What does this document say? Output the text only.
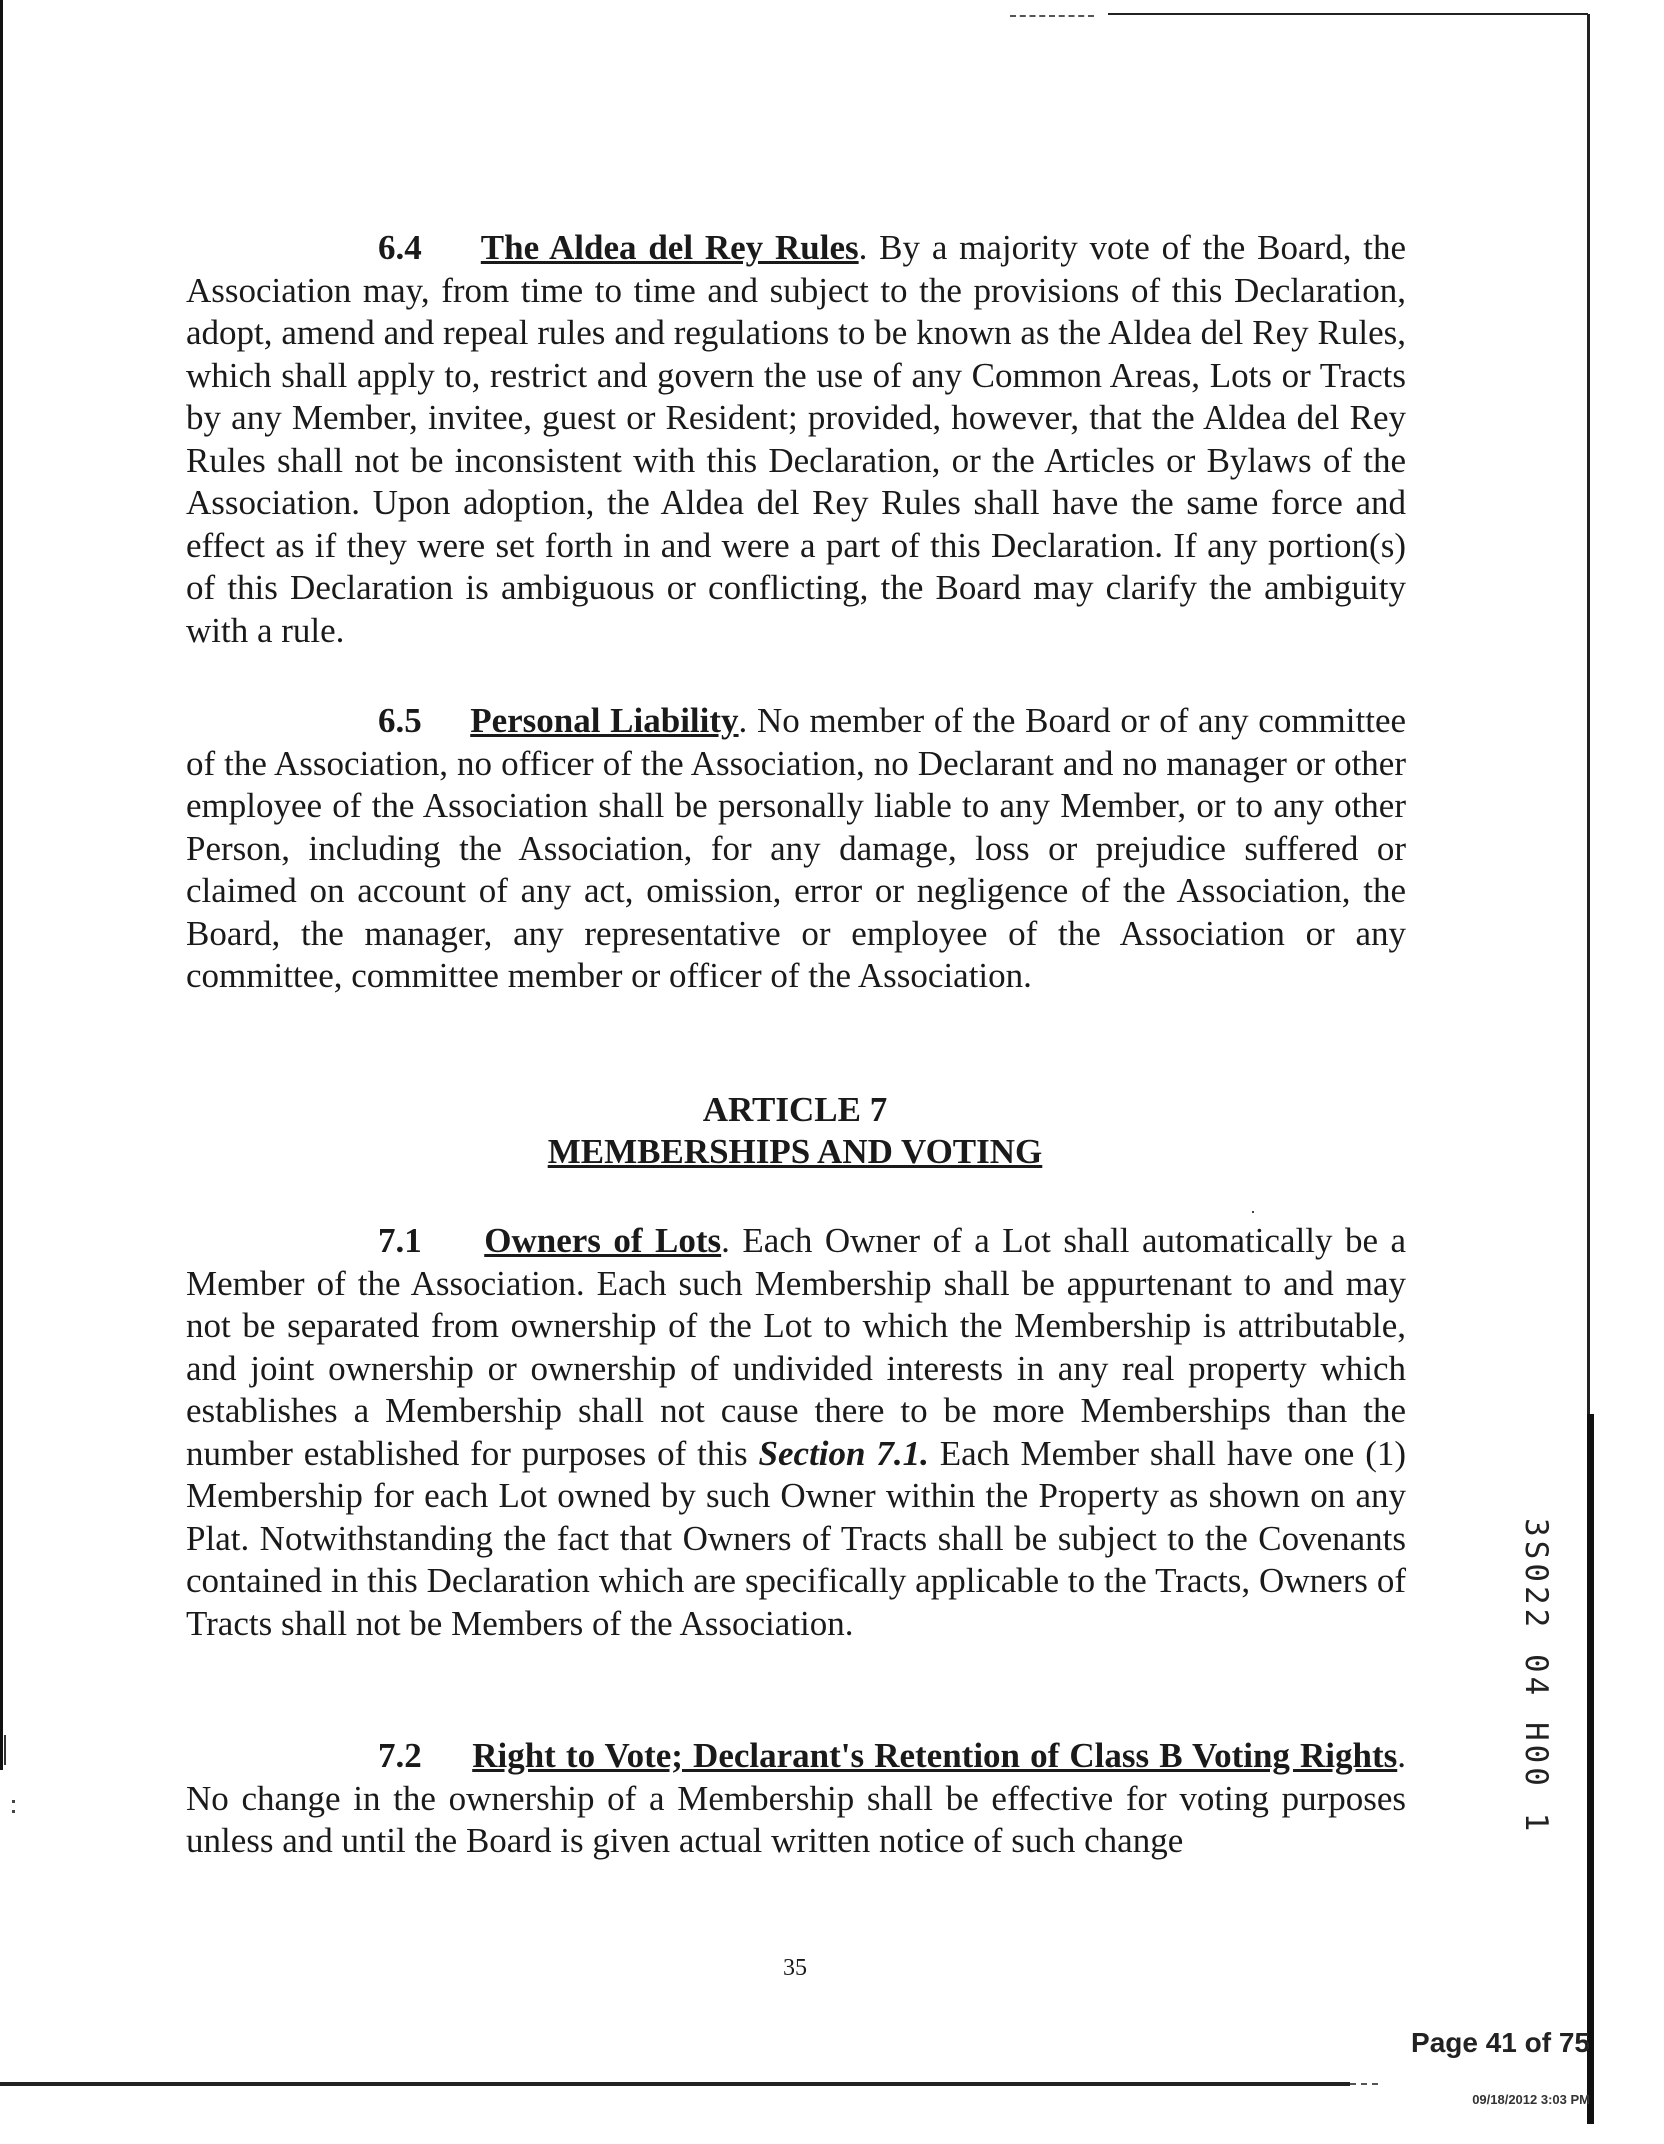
6.4 The Aldea del Rey Rules. By a majority vote of the Board, the Association may, from time to time and subject to the provisions of this Declaration, adopt, amend and repeal rules and regulations to be known as the Aldea del Rey Rules, which shall apply to, restrict and govern the use of any Common Areas, Lots or Tracts by any Member, invitee, guest or Resident; provided, however, that the Aldea del Rey Rules shall not be inconsistent with this Declaration, or the Articles or Bylaws of the Association. Upon adoption, the Aldea del Rey Rules shall have the same force and effect as if they were set forth in and were a part of this Declaration. If any portion(s) of this Declaration is ambiguous or conflicting, the Board may clarify the ambiguity with a rule.

6.5 Personal Liability. No member of the Board or of any committee of the Association, no officer of the Association, no Declarant and no manager or other employee of the Association shall be personally liable to any Member, or to any other Person, including the Association, for any damage, loss or prejudice suffered or claimed on account of any act, omission, error or negligence of the Association, the Board, the manager, any representative or employee of the Association or any committee, committee member or officer of the Association.

ARTICLE 7

MEMBERSHIPS AND VOTING

7.1 Owners of Lots. Each Owner of a Lot shall automatically be a Member of the Association. Each such Membership shall be appurtenant to and may not be separated from ownership of the Lot to which the Membership is attributable, and joint ownership or ownership of undivided interests in any real property which establishes a Membership shall not cause there to be more Memberships than the number established for purposes of this Section 7.1. Each Member shall have one (1) Membership for each Lot owned by such Owner within the Property as shown on any Plat. Notwithstanding the fact that Owners of Tracts shall be subject to the Covenants contained in this Declaration which are specifically applicable to the Tracts, Owners of Tracts shall not be Members of the Association.

7.2 Right to Vote; Declarant's Retention of Class B Voting Rights. No change in the ownership of a Membership shall be effective for voting purposes unless and until the Board is given actual written notice of such change

35

3S022 04 H00 1

Page 41 of 75

09/18/2012 3:03 PM
